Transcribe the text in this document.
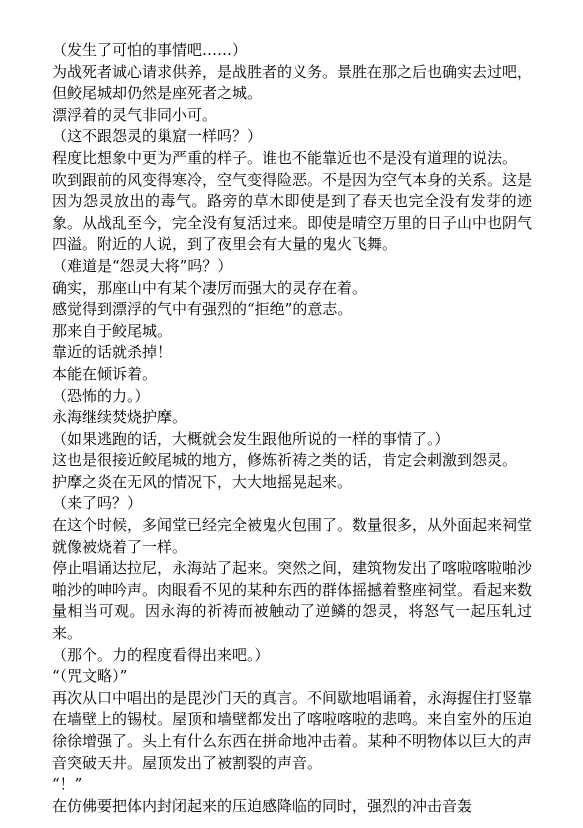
（发生了可怕的事情吧……）

为战死者诚心请求供养，是战胜者的义务。景胜在那之后也确实去过吧，但鲛尾城却仍然是座死者之城。

漂浮着的灵气非同小可。

（这不跟怨灵的巢窟一样吗？）

程度比想象中更为严重的样子。谁也不能靠近也不是没有道理的说法。

吹到跟前的风变得寒冷，空气变得险恶。不是因为空气本身的关系。这是因为怨灵放出的毒气。路旁的草木即使是到了春天也完全没有发芽的迹象。从战乱至今，完全没有复活过来。即使是晴空万里的日子山中也阴气四溢。附近的人说，到了夜里会有大量的鬼火飞舞。

（难道是“怨灵大将”吗？）

确实，那座山中有某个凄厉而强大的灵存在着。

感觉得到漂浮的气中有强烈的“拒绝”的意志。

那来自于鲛尾城。

靠近的话就杀掉！

本能在倾诉着。

（恐怖的力。）

永海继续焚烧护摩。

（如果逃跑的话，大概就会发生跟他所说的一样的事情了。）

这也是很接近鲛尾城的地方，修炼祈祷之类的话，肯定会刺激到怨灵。

护摩之炎在无风的情况下，大大地摇晃起来。

（来了吗？）

在这个时候，多闻堂已经完全被鬼火包围了。数量很多，从外面起来祠堂就像被烧着了一样。

停止唱诵达拉尼，永海站了起来。突然之间，建筑物发出了喀啦喀啦啪沙啪沙的呻吟声。肉眼看不见的某种东西的群体摇撼着整座祠堂。看起来数量相当可观。因永海的祈祷而被触动了逆鳞的怨灵，将怒气一起压轧过来。

（那个。力的程度看得出来吧。）

“（咒文略）”

再次从口中唱出的是毘沙门天的真言。不间歇地唱诵着，永海握住打竖靠在墙壁上的锡杖。屋顶和墙壁都发出了喀啦喀啦的悲鸣。来自室外的压迫徐徐增强了。头上有什么东西在拼命地冲击着。某种不明物体以巨大的声音突破天井。屋顶发出了被割裂的声音。

“！”

在仿佛要把体内封闭起来的压迫感降临的同时，强烈的冲击音轰
